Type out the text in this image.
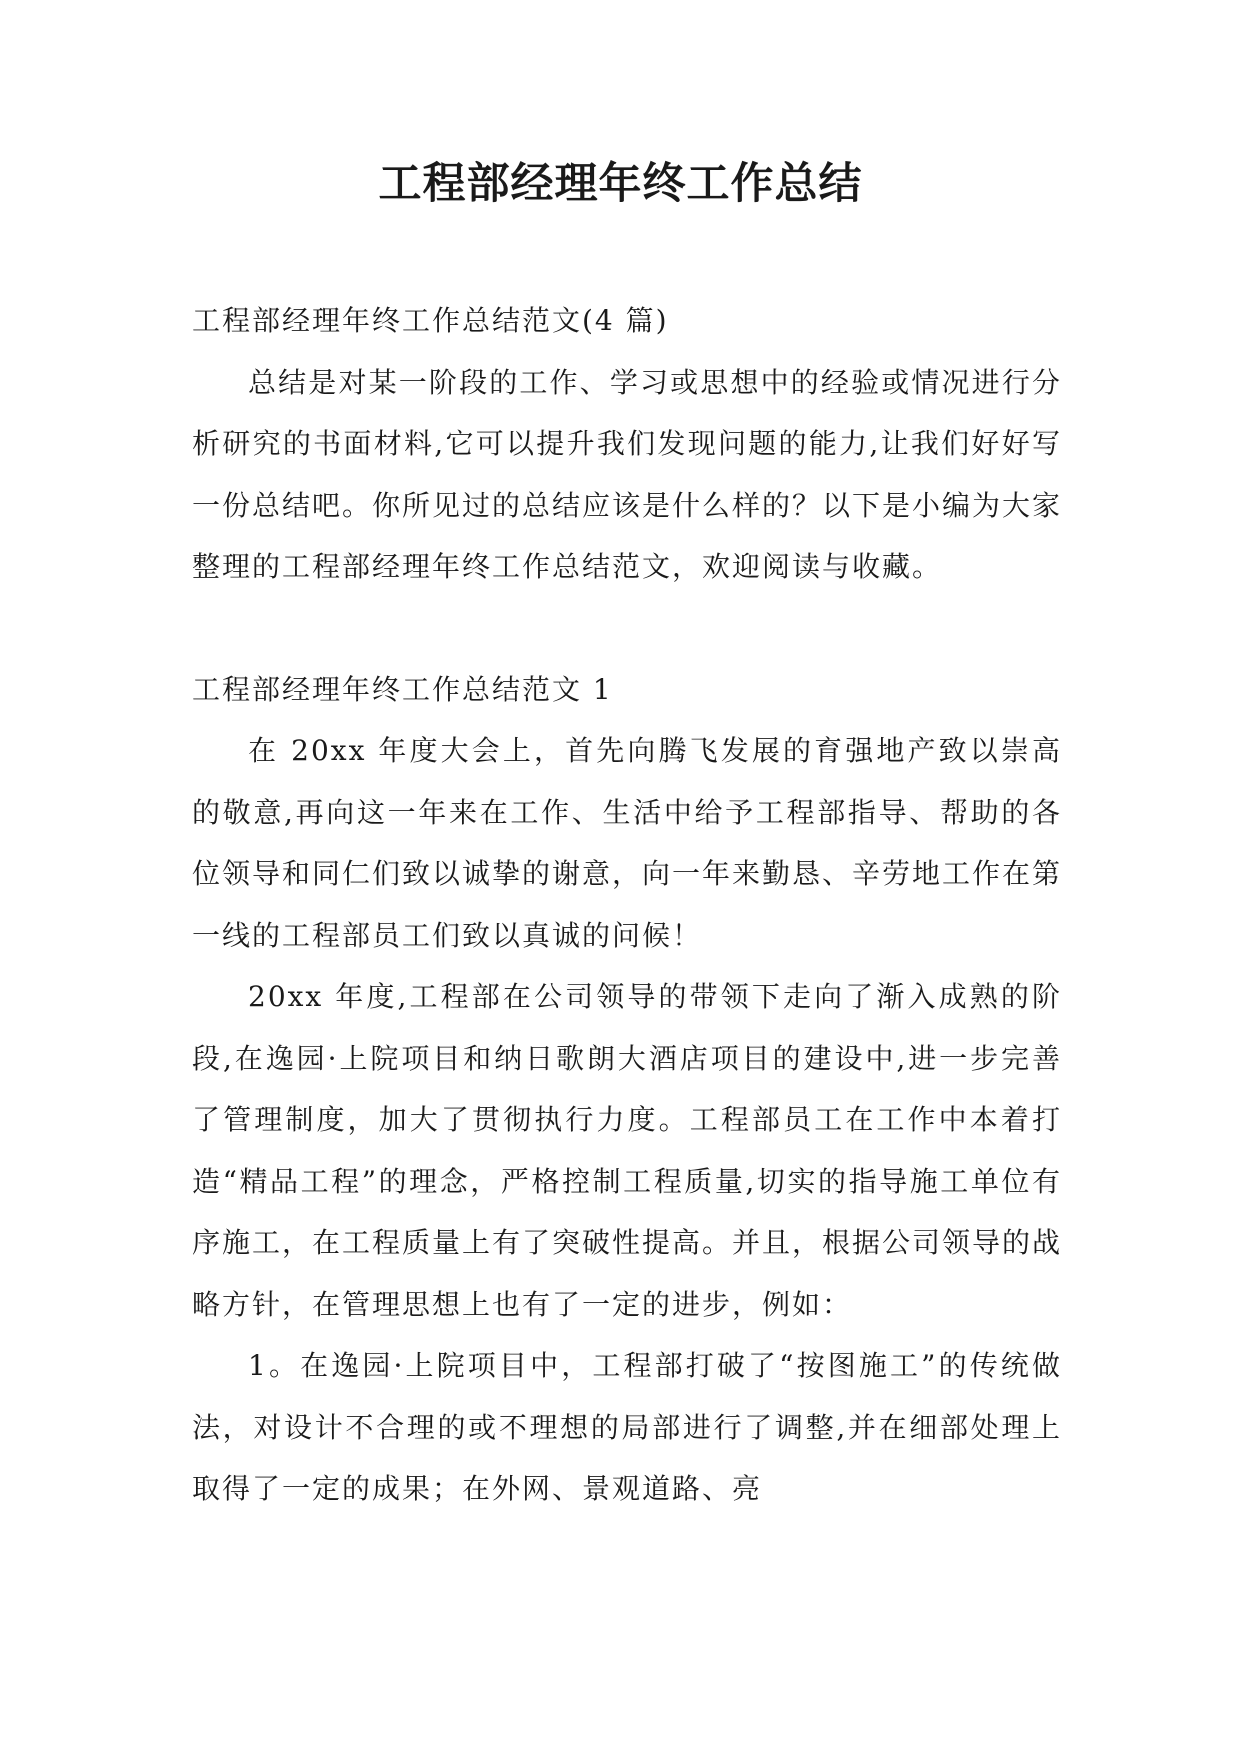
工程部经理年终工作总结

工程部经理年终工作总结范文(4 篇)

总结是对某一阶段的工作、学习或思想中的经验或情况进行分析研究的书面材料,它可以提升我们发现问题的能力,让我们好好写一份总结吧。你所见过的总结应该是什么样的？以下是小编为大家整理的工程部经理年终工作总结范文，欢迎阅读与收藏。

工程部经理年终工作总结范文 1

在 20xx 年度大会上，首先向腾飞发展的育强地产致以崇高的敬意,再向这一年来在工作、生活中给予工程部指导、帮助的各位领导和同仁们致以诚挚的谢意，向一年来勤恳、辛劳地工作在第一线的工程部员工们致以真诚的问候！

20xx 年度,工程部在公司领导的带领下走向了渐入成熟的阶段,在逸园·上院项目和纳日歌朗大酒店项目的建设中,进一步完善了管理制度，加大了贯彻执行力度。工程部员工在工作中本着打造“精品工程”的理念，严格控制工程质量,切实的指导施工单位有序施工，在工程质量上有了突破性提高。并且，根据公司领导的战略方针，在管理思想上也有了一定的进步，例如：

1。在逸园·上院项目中，工程部打破了“按图施工”的传统做法，对设计不合理的或不理想的局部进行了调整,并在细部处理上取得了一定的成果；在外网、景观道路、亮
